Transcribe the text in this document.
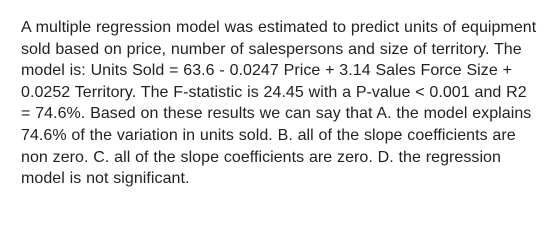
A multiple regression model was estimated to predict units of equipment sold based on price, number of salespersons and size of territory. The model is: Units Sold = 63.6 - 0.0247 Price + 3.14 Sales Force Size + 0.0252 Territory. The F-statistic is 24.45 with a P-value < 0.001 and R2 = 74.6%. Based on these results we can say that A. the model explains 74.6% of the variation in units sold. B. all of the slope coefficients are non zero. C. all of the slope coefficients are zero. D. the regression model is not significant.
